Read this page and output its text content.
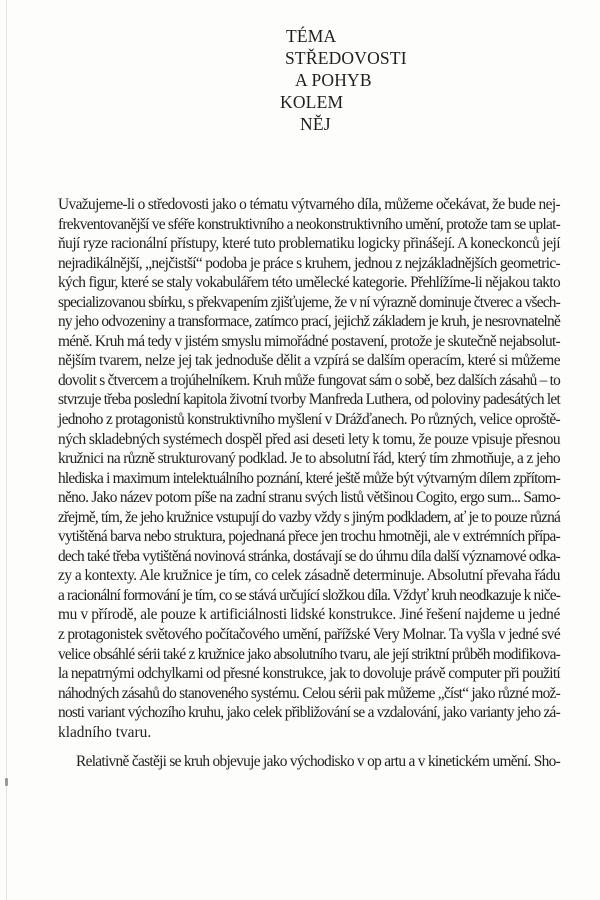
TÉMA
STŘEDOVOSTI
A POHYB
KOLEM
NĚJ

Uvažujeme-li o středovosti jako o tématu výtvarného díla, můžeme očekávat, že bude nej-
frekventovanější ve sféře konstruktivního a neokonstruktivního umění, protože tam se uplat-
ňují ryze racionální přístupy, které tuto problematiku logicky přinášejí. A koneckonců její
nejradikálnější, „nejčistší“ podoba je práce s kruhem, jednou z nejzákladnějších geometric-
kých figur, které se staly vokabulářem této umělecké kategorie. Přehlížíme-li nějakou takto
specializovanou sbírku, s překvapením zjišťujeme, že v ní výrazně dominuje čtverec a všech-
ny jeho odvozeniny a transformace, zatímco prací, jejichž základem je kruh, je nesrovnatelně
méně. Kruh má tedy v jistém smyslu mimořádné postavení, protože je skutečně nejabsolut-
nějším tvarem, nelze jej tak jednoduše dělit a vzpírá se dalším operacím, které si můžeme
dovolit s čtvercem a trojúhelníkem. Kruh může fungovat sám o sobě, bez dalších zásahů – to
stvrzuje třeba poslední kapitola životní tvorby Manfreda Luthera, od poloviny padesátých let
jednoho z protagonistů konstruktivního myšlení v Drážďanech. Po různých, velice oproště-
ných skladebných systémech dospěl před asi deseti lety k tomu, že pouze vpisuje přesnou
kružnici na různě strukturovaný podklad. Je to absolutní řád, který tím zhmotňuje, a z jeho
hlediska i maximum intelektuálního poznání, které ještě může být výtvarným dílem zpřítom-
něno. Jako název potom píše na zadní stranu svých listů většinou Cogito, ergo sum... Samo-
zřejmě, tím, že jeho kružnice vstupují do vazby vždy s jiným podkladem, ať je to pouze různá
vytištěná barva nebo struktura, pojednaná přece jen trochu hmotněji, ale v extrémních přípa-
dech také třeba vytištěná novinová stránka, dostávají se do úhrnu díla další významové odka-
zy a kontexty. Ale kružnice je tím, co celek zásadně determinuje. Absolutní převaha řádu
a racionální formování je tím, co se stává určující složkou díla. Vždyť kruh neodkazuje k niče-
mu v přírodě, ale pouze k artificiálnosti lidské konstrukce. Jiné řešení najdeme u jedné
z protagonistek světového počítačového umění, pařížské Very Molnar. Ta vyšla v jedné své
velice obsáhlé sérii také z kružnice jako absolutního tvaru, ale její striktní průběh modifikova-
la nepatrnými odchylkami od přesné konstrukce, jak to dovoluje právě computer při použití
náhodných zásahů do stanoveného systému. Celou sérii pak můžeme „číst“ jako různé mož-
nosti variant výchozího kruhu, jako celek přibližování se a vzdalování, jako varianty jeho zá-
kladního tvaru.

Relativně častěji se kruh objevuje jako východisko v op artu a v kinetickém umění. Sho-
